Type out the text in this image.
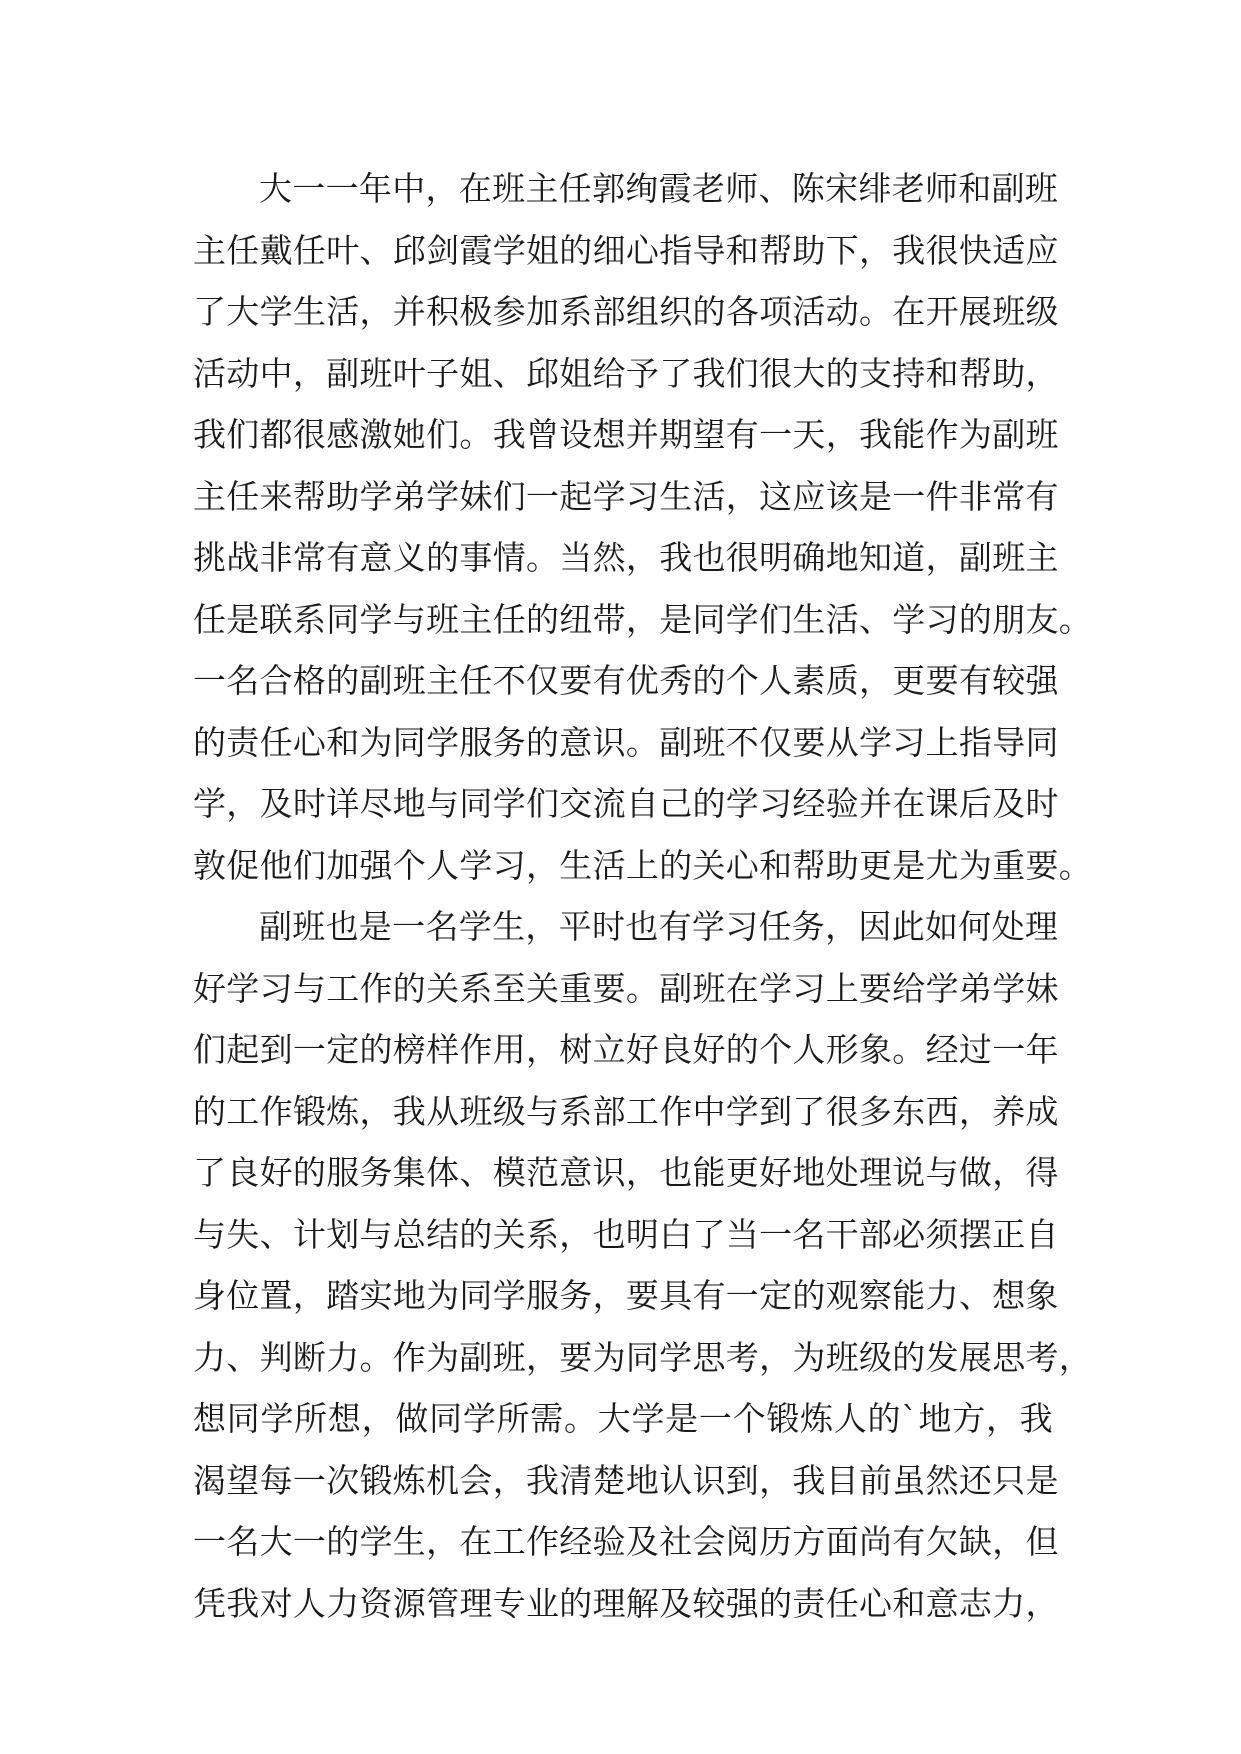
大一一年中，在班主任郭绚霞老师、陈宋绯老师和副班
主任戴任叶、邱剑霞学姐的细心指导和帮助下，我很快适应
了大学生活，并积极参加系部组织的各项活动。在开展班级
活动中，副班叶子姐、邱姐给予了我们很大的支持和帮助，
我们都很感激她们。我曾设想并期望有一天，我能作为副班
主任来帮助学弟学妹们一起学习生活，这应该是一件非常有
挑战非常有意义的事情。当然，我也很明确地知道，副班主
任是联系同学与班主任的纽带，是同学们生活、学习的朋友。
一名合格的副班主任不仅要有优秀的个人素质，更要有较强
的责任心和为同学服务的意识。副班不仅要从学习上指导同
学，及时详尽地与同学们交流自己的学习经验并在课后及时
敦促他们加强个人学习，生活上的关心和帮助更是尤为重要。
副班也是一名学生，平时也有学习任务，因此如何处理
好学习与工作的关系至关重要。副班在学习上要给学弟学妹
们起到一定的榜样作用，树立好良好的个人形象。经过一年
的工作锻炼，我从班级与系部工作中学到了很多东西，养成
了良好的服务集体、模范意识，也能更好地处理说与做，得
与失、计划与总结的关系，也明白了当一名干部必须摆正自
身位置，踏实地为同学服务，要具有一定的观察能力、想象
力、判断力。作为副班，要为同学思考，为班级的发展思考，
想同学所想，做同学所需。大学是一个锻炼人的`地方，我
渴望每一次锻炼机会，我清楚地认识到，我目前虽然还只是
一名大一的学生，在工作经验及社会阅历方面尚有欠缺，但
凭我对人力资源管理专业的理解及较强的责任心和意志力，
